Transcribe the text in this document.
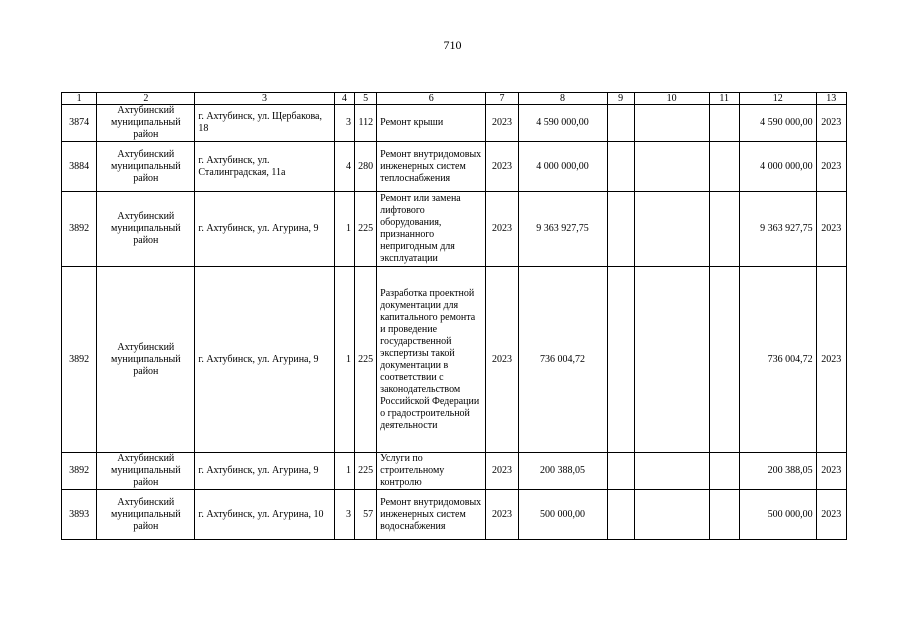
710
1	2	3	4	5	6	7	8	9	10	11	12	13
3874	Ахтубинский муниципальный район	г. Ахтубинск, ул. Щербакова, 18	3	112	Ремонт крыши	2023	4 590 000,00				4 590 000,00	2023
3884	Ахтубинский муниципальный район	г. Ахтубинск, ул. Сталинградская, 11а	4	280	Ремонт внутридомовых инженерных систем теплоснабжения	2023	4 000 000,00				4 000 000,00	2023
3892	Ахтубинский муниципальный район	г. Ахтубинск, ул. Агурина, 9	1	225	Ремонт или замена лифтового оборудования, признанного непригодным для эксплуатации	2023	9 363 927,75				9 363 927,75	2023
3892	Ахтубинский муниципальный район	г. Ахтубинск, ул. Агурина, 9	1	225	Разработка проектной документации для капитального ремонта и проведение государственной экспертизы такой документации в соответствии с законодательством Российской Федерации о градостроительной деятельности	2023	736 004,72				736 004,72	2023
3892	Ахтубинский муниципальный район	г. Ахтубинск, ул. Агурина, 9	1	225	Услуги по строительному контролю	2023	200 388,05				200 388,05	2023
3893	Ахтубинский муниципальный район	г. Ахтубинск, ул. Агурина, 10	3	57	Ремонт внутридомовых инженерных систем водоснабжения	2023	500 000,00				500 000,00	2023
